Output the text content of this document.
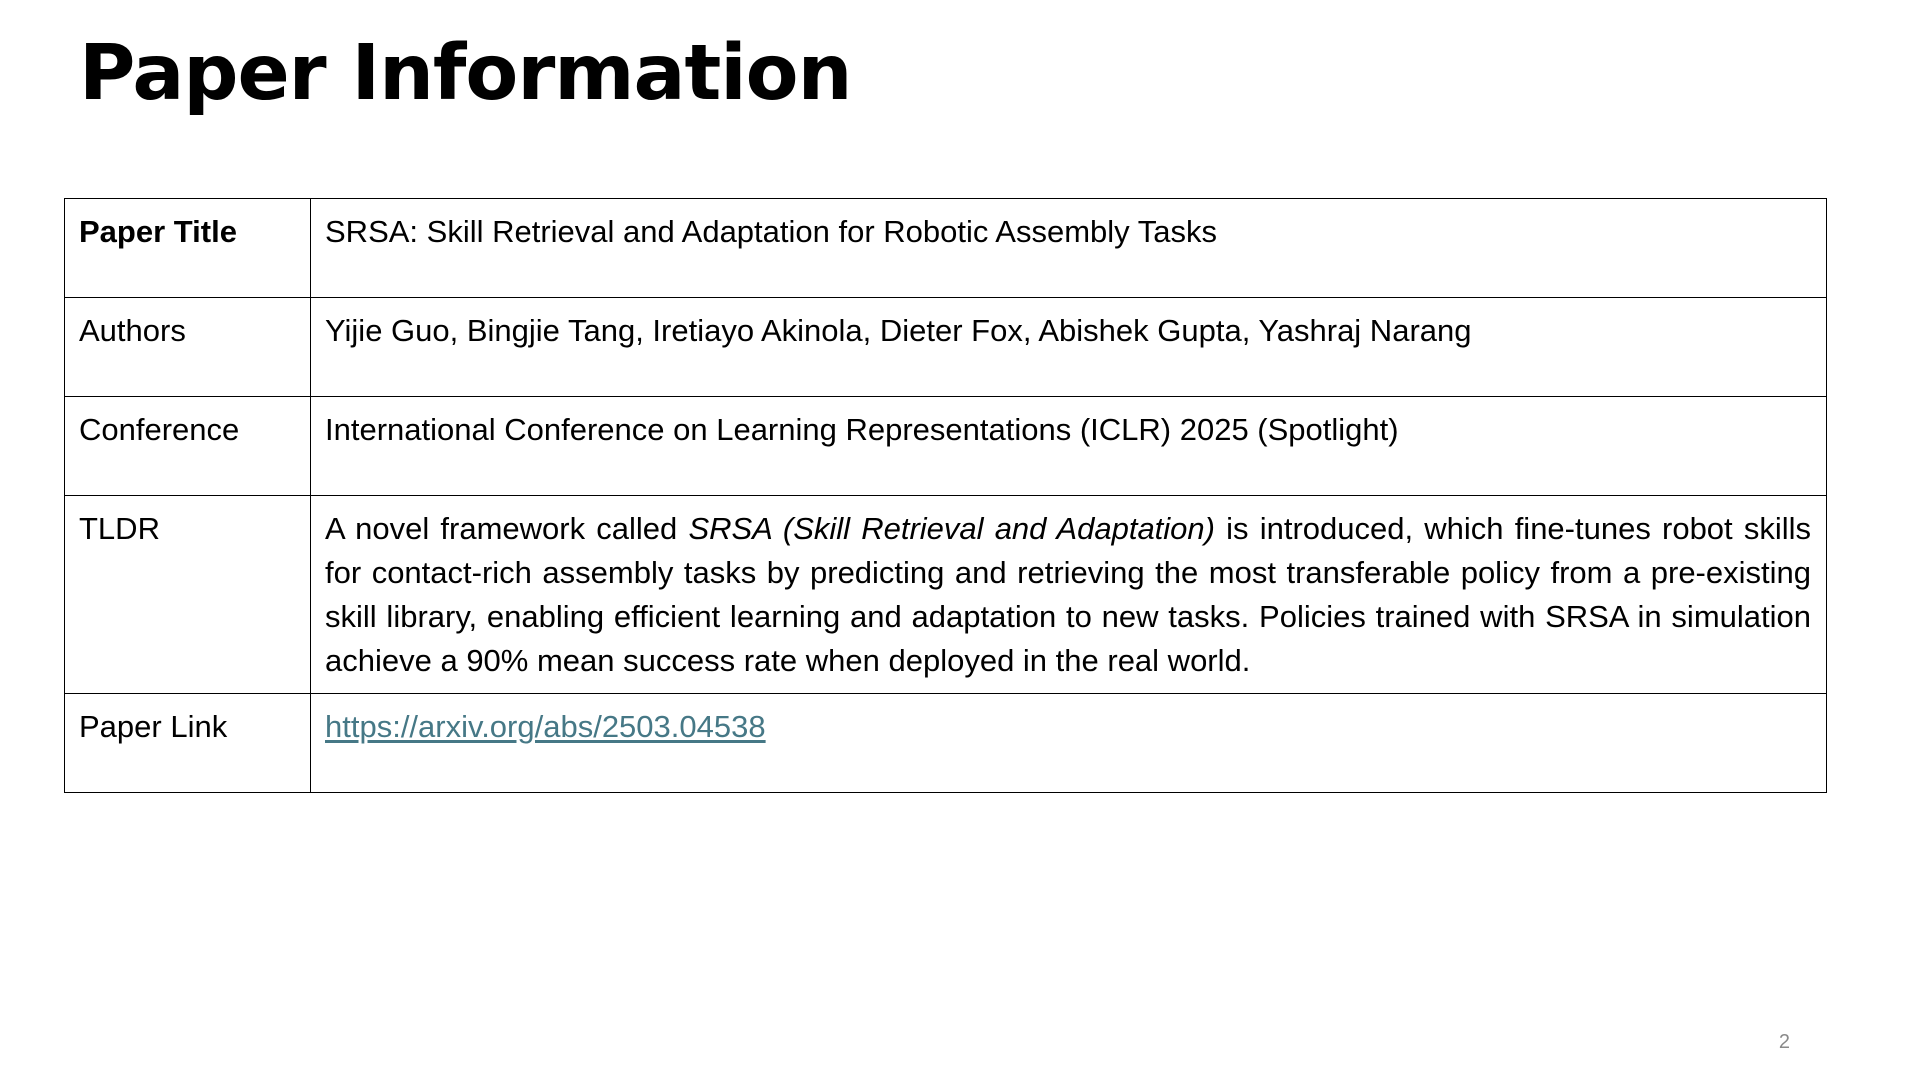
Paper Information
Paper Title	SRSA: Skill Retrieval and Adaptation for Robotic Assembly Tasks
Authors	Yijie Guo, Bingjie Tang, Iretiayo Akinola, Dieter Fox, Abishek Gupta, Yashraj Narang
Conference	International Conference on Learning Representations (ICLR) 2025 (Spotlight)
TLDR	A novel framework called SRSA (Skill Retrieval and Adaptation) is introduced, which fine-tunes robot skills for contact-rich assembly tasks by predicting and retrieving the most transferable policy from a pre-existing skill library, enabling efficient learning and adaptation to new tasks. Policies trained with SRSA in simulation achieve a 90% mean success rate when deployed in the real world.
Paper Link	https://arxiv.org/abs/2503.04538
2
